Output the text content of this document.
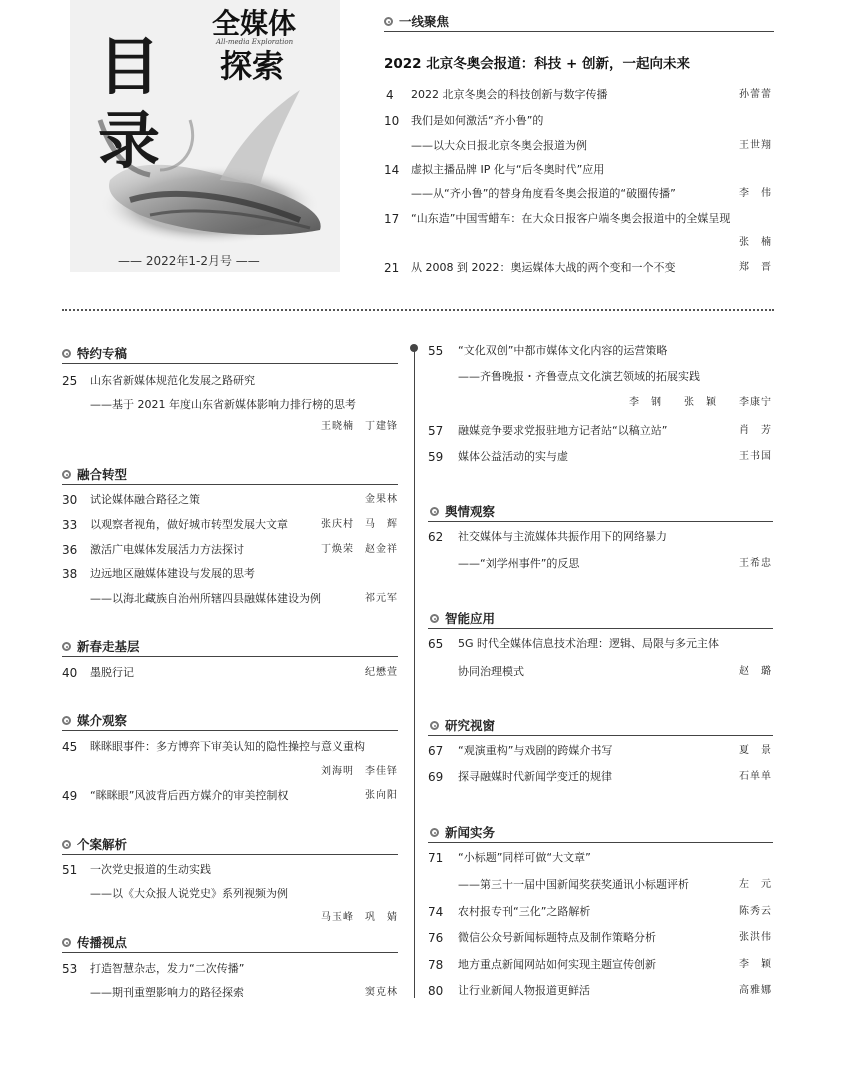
目录
全媒体
All-media Exploration
探索
—— 2022年1-2月号 ——
一线聚焦
2022 北京冬奥会报道：科技 + 创新，一起向未来
4 2022 北京冬奥会的科技创新与数字传播	孙蕾蕾
10 我们是如何激活“齐小鲁”的
——以大众日报北京冬奥会报道为例	王世翔
14 虚拟主播品牌 IP 化与“后冬奥时代”应用
——从“齐小鲁”的替身角度看冬奥会报道的“破圈传播”	李　伟
17 “山东造”中国雪蜡车：在大众日报客户端冬奥会报道中的全媒呈现
张　楠
21 从 2008 到 2022：奥运媒体大战的两个变和一个不变	郑　晋
特约专稿
25 山东省新媒体规范化发展之路研究
——基于 2021 年度山东省新媒体影响力排行榜的思考
王晓楠　丁建锋
融合转型
30 试论媒体融合路径之策	金果林
33 以观察者视角，做好城市转型发展大文章	张庆村　马　辉
36 激活广电媒体发展活力方法探讨	丁焕荣　赵金祥
38 边远地区融媒体建设与发展的思考
——以海北藏族自治州所辖四县融媒体建设为例	祁元军
新春走基层
40 墨脱行记	纪懋萱
媒介观察
45 眯眯眼事件：多方博弈下审美认知的隐性操控与意义重构
刘海明　李佳铎
49 “眯眯眼”风波背后西方媒介的审美控制权	张向阳
个案解析
51 一次党史报道的生动实践
——以《大众报人说党史》系列视频为例
马玉峰　巩　婧
传播视点
53 打造智慧杂志，发力“二次传播”
——期刊重塑影响力的路径探索	窦克林
55 “文化双创”中都市媒体文化内容的运营策略
——齐鲁晚报・齐鲁壹点文化演艺领域的拓展实践
李　钢　　张　颖　　李康宁
57 融媒竞争要求党报驻地方记者站“以稿立站”	肖　芳
59 媒体公益活动的实与虚	王书国
舆情观察
62 社交媒体与主流媒体共振作用下的网络暴力
——“刘学州事件”的反思	王希忠
智能应用
65 5G 时代全媒体信息技术治理：逻辑、局限与多元主体
协同治理模式	赵　璐
研究视窗
67 “观演重构”与戏剧的跨媒介书写	夏　景
69 探寻融媒时代新闻学变迁的规律	石单单
新闻实务
71 “小标题”同样可做“大文章”
——第三十一届中国新闻奖获奖通讯小标题评析	左　元
74 农村报专刊“三化”之路解析	陈秀云
76 微信公众号新闻标题特点及制作策略分析	张洪伟
78 地方重点新闻网站如何实现主题宣传创新	李　颖
80 让行业新闻人物报道更鲜活	高雅娜
